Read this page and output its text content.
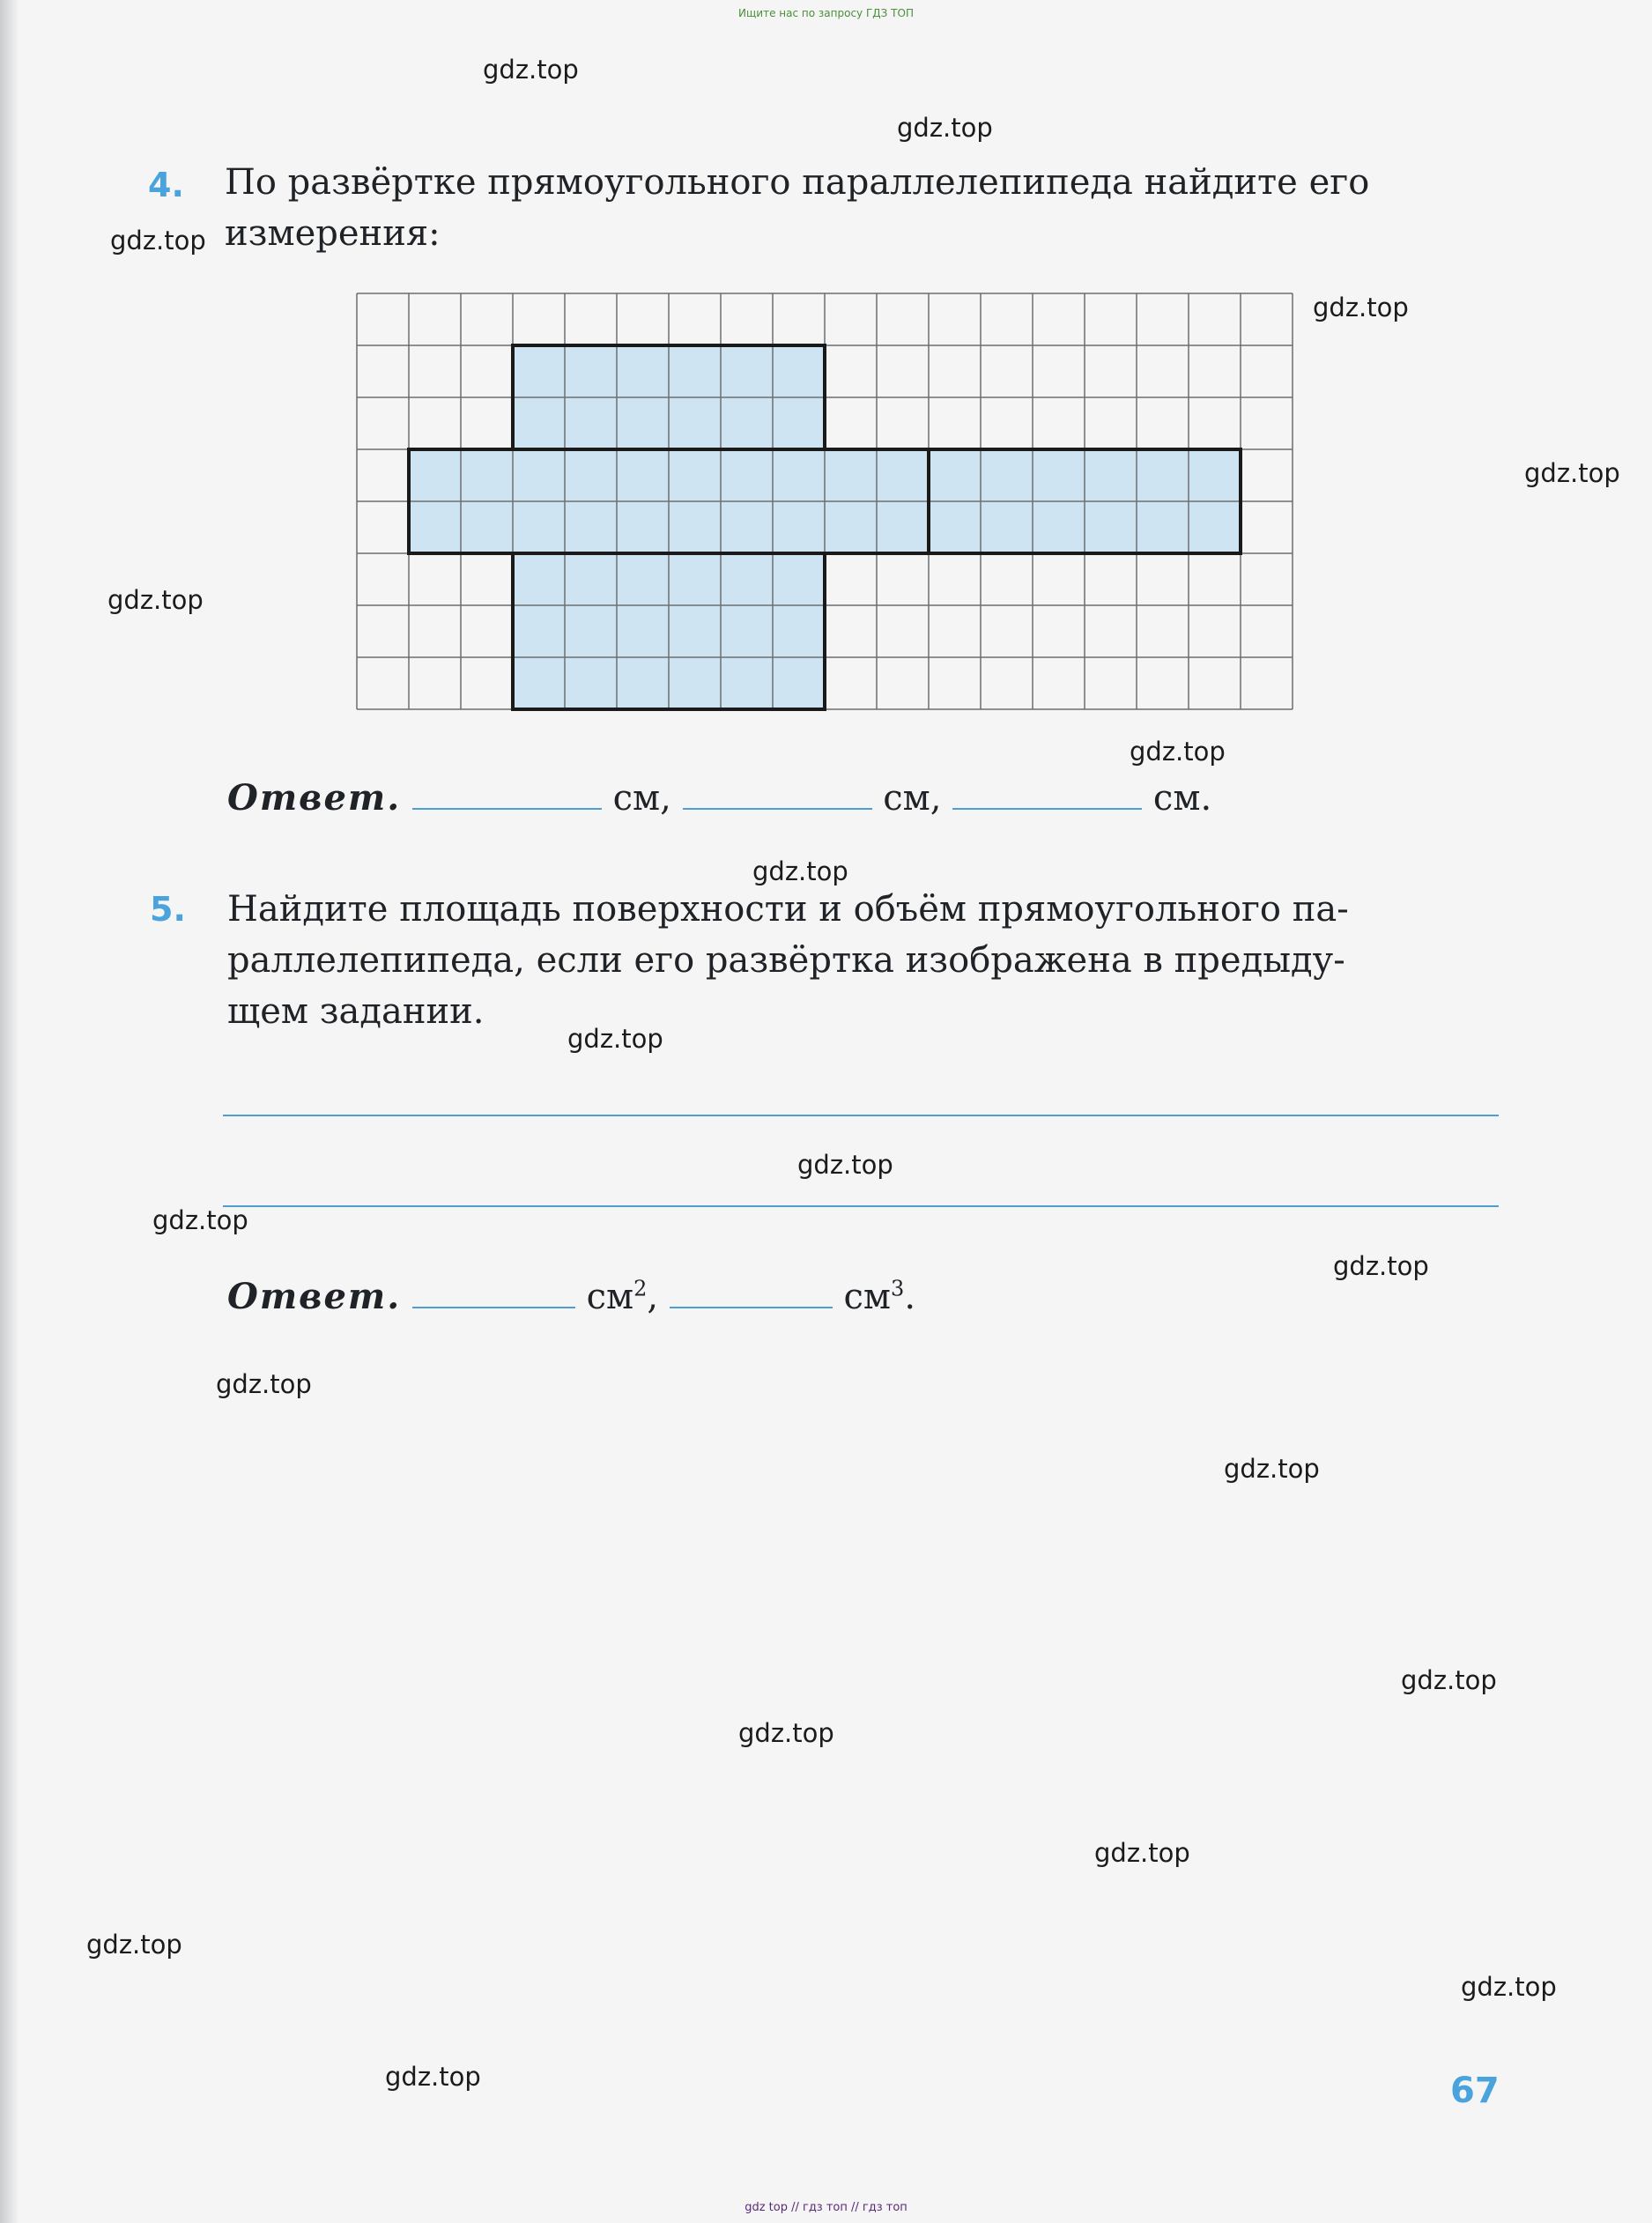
Ищите нас по запросу ГДЗ ТОП
4. По развёртке прямоугольного параллелепипеда найдите его
измерения:
Ответ.	см,	см,	см.
5. Найдите площадь поверхности и объём прямоугольного па-
раллелепипеда, если его развёртка изображена в предыду-
щем задании.
Ответ.	$см^2$,	$см^3$.
67
gdz.top
gdz.top
gdz.top
gdz.top
gdz.top
gdz.top
gdz.top
gdz.top
gdz.top
gdz.top
gdz.top
gdz.top
gdz.top
gdz.top
gdz.top
gdz.top
gdz.top
gdz.top
gdz.top
gdz.top
gdz top // гдз топ // гдз топ
